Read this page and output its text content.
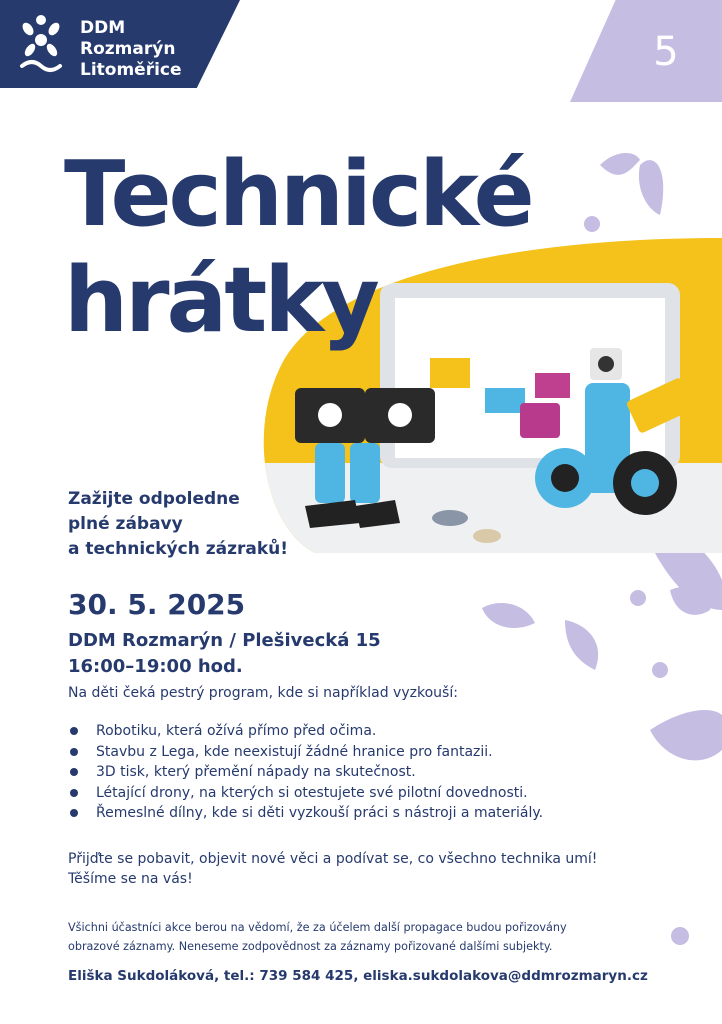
DDM
Rozmarýn
Litoměřice	5
Technické
hrátky
Zažijte odpoledne
plné zábavy
a technických zázraků!
30. 5. 2025
DDM Rozmarýn / Plešivecká 15
16:00–19:00 hod.
Na děti čeká pestrý program, kde si například vyzkouší:
Robotiku, která ožívá přímo před očima.
Stavbu z Lega, kde neexistují žádné hranice pro fantazii.
3D tisk, který přemění nápady na skutečnost.
Létající drony, na kterých si otestujete své pilotní dovednosti.
Řemeslné dílny, kde si děti vyzkouší práci s nástroji a materiály.
Přijďte se pobavit, objevit nové věci a podívat se, co všechno technika umí!
Těšíme se na vás!
Všichni účastníci akce berou na vědomí, že za účelem další propagace budou pořizovány
obrazové záznamy. Neneseme zodpovědnost za záznamy pořizované dalšími subjekty.
Eliška Sukdoláková, tel.: 739 584 425, eliska.sukdolakova@ddmrozmaryn.cz
